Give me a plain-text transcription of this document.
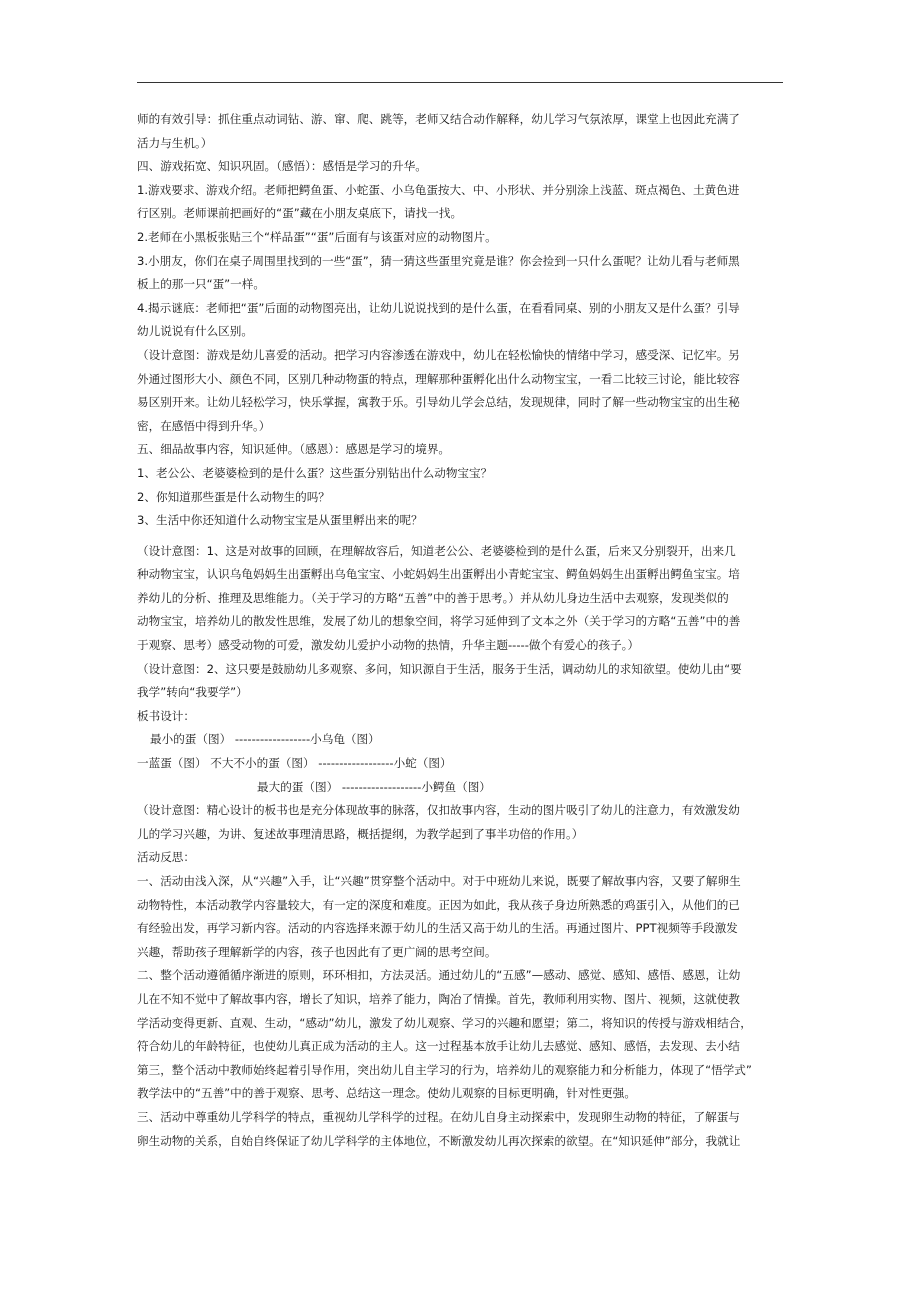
师的有效引导：抓住重点动词钻、游、窜、爬、跳等，老师又结合动作解释，幼儿学习气氛浓厚，课堂上也因此充满了

活力与生机。）

四、游戏拓宽、知识巩固。（感悟）：感悟是学习的升华。

1.游戏要求、游戏介绍。老师把鳄鱼蛋、小蛇蛋、小乌龟蛋按大、中、小形状、并分别涂上浅蓝、斑点褐色、土黄色进

行区别。老师课前把画好的“蛋”藏在小朋友桌底下，请找一找。

2.老师在小黑板张贴三个“样品蛋”“蛋”后面有与该蛋对应的动物图片。

3.小朋友，你们在桌子周围里找到的一些“蛋”，猜一猜这些蛋里究竟是谁？你会捡到一只什么蛋呢？让幼儿看与老师黑

板上的那一只“蛋”一样。

4.揭示谜底：老师把“蛋”后面的动物图亮出，让幼儿说说找到的是什么蛋，在看看同桌、别的小朋友又是什么蛋？引导

幼儿说说有什么区别。

（设计意图：游戏是幼儿喜爱的活动。把学习内容渗透在游戏中，幼儿在轻松愉快的情绪中学习，感受深、记忆牢。另

外通过图形大小、颜色不同，区别几种动物蛋的特点，理解那种蛋孵化出什么动物宝宝，一看二比较三讨论，能比较容

易区别开来。让幼儿轻松学习，快乐掌握，寓教于乐。引导幼儿学会总结，发现规律，同时了解一些动物宝宝的出生秘

密，在感悟中得到升华。）

五、细品故事内容，知识延伸。（感恩）：感恩是学习的境界。

1、老公公、老婆婆检到的是什么蛋？这些蛋分别钻出什么动物宝宝？

2、你知道那些蛋是什么动物生的吗？

3、生活中你还知道什么动物宝宝是从蛋里孵出来的呢？

（设计意图：1、这是对故事的回顾，在理解故容后，知道老公公、老婆婆检到的是什么蛋，后来又分别裂开，出来几

种动物宝宝，认识乌龟妈妈生出蛋孵出乌龟宝宝、小蛇妈妈生出蛋孵出小青蛇宝宝、鳄鱼妈妈生出蛋孵出鳄鱼宝宝。培

养幼儿的分析、推理及思维能力。（关于学习的方略“五善”中的善于思考。）并从幼儿身边生活中去观察，发现类似的

动物宝宝，培养幼儿的散发性思维，发展了幼儿的想象空间，将学习延伸到了文本之外（关于学习的方略“五善”中的善

于观察、思考）感受动物的可爱，激发幼儿爱护小动物的热情，升华主题-----做个有爱心的孩子。）

（设计意图：2、这只要是鼓励幼儿多观察、多问，知识源自于生活，服务于生活，调动幼儿的求知欲望。使幼儿由“要

我学”转向“我要学”）

板书设计：

最小的蛋（图） ------------------小乌龟（图）

一蓝蛋（图） 不大不小的蛋（图） ------------------小蛇（图）

最大的蛋（图） -------------------小鳄鱼（图）

（设计意图：精心设计的板书也是充分体现故事的脉落，仅扣故事内容，生动的图片吸引了幼儿的注意力，有效激发幼

儿的学习兴趣，为讲、复述故事理清思路，概括提纲，为教学起到了事半功倍的作用。）

活动反思：

一、活动由浅入深，从“兴趣”入手，让“兴趣”贯穿整个活动中。对于中班幼儿来说，既要了解故事内容，又要了解卵生

动物特性，本活动教学内容量较大，有一定的深度和难度。正因为如此，我从孩子身边所熟悉的鸡蛋引入，从他们的已

有经验出发，再学习新内容。活动的内容选择来源于幼儿的生活又高于幼儿的生活。再通过图片、PPT视频等手段激发

兴趣，帮助孩子理解新学的内容，孩子也因此有了更广阔的思考空间。

二、整个活动遵循循序渐进的原则，环环相扣，方法灵活。通过幼儿的“五感”—感动、感觉、感知、感悟、感恩，让幼

儿在不知不觉中了解故事内容，增长了知识，培养了能力，陶冶了情操。首先，教师利用实物、图片、视频，这就使教

学活动变得更新、直观、生动，“感动”幼儿，激发了幼儿观察、学习的兴趣和愿望；第二，将知识的传授与游戏相结合，

符合幼儿的年龄特征，也使幼儿真正成为活动的主人。这一过程基本放手让幼儿去感觉、感知、感悟，去发现、去小结

第三，整个活动中教师始终起着引导作用，突出幼儿自主学习的行为，培养幼儿的观察能力和分析能力，体现了“悟学式”

教学法中的“五善”中的善于观察、思考、总结这一理念。使幼儿观察的目标更明确，针对性更强。

三、活动中尊重幼儿学科学的特点，重视幼儿学科学的过程。在幼儿自身主动探索中，发现卵生动物的特征，了解蛋与

卵生动物的关系，自始自终保证了幼儿学科学的主体地位，不断激发幼儿再次探索的欲望。在“知识延伸”部分，我就让
